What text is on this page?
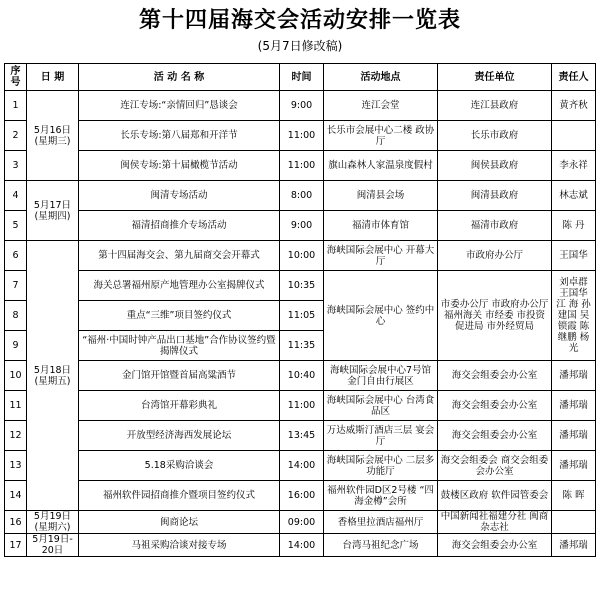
第十四届海交会活动安排一览表
(5月7日修改稿)
序号	日 期	活 动 名 称	时间	活动地点	责任单位	责任人
1	5月16日 (星期三)	连江专场:“亲情回归”恳谈会	9:00	连江会堂	连江县政府	黄齐秋
2		长乐专场:第八届郑和开洋节	11:00	长乐市会展中心二楼 政协厅	长乐市政府	
3		闽侯专场:第十届橄榄节活动	11:00	旗山森林人家温泉度假村	闽侯县政府	李永祥
4	5月17日 (星期四)	闽清专场活动	8:00	闽清县会场	闽清县政府	林志斌
5		福清招商推介专场活动	9:00	福清市体育馆	福清市政府	陈 丹
6	5月18日 (星期五)	第十四届海交会、第九届商交会开幕式	10:00	海峡国际会展中心 开幕大厅	市政府办公厅	王国华
7		海关总署福州原产地管理办公室揭牌仪式	10:35	海峡国际会展中心 签约中心	市委办公厅 市政府办公厅 福州海关 市经委 市投资促进局 市外经贸局	刘卓群 王国华 江 海 孙建国 吴锁霞 陈继鹏 杨 光
8		重点“三维”项目签约仪式	11:05			
9		“福州·中国时钟产品出口基地”合作协议签约暨揭牌仪式	11:35			
10		金门馆开馆暨首届高粱酒节	10:40	海峡国际会展中心7号馆 金门自由行展区	海交会组委会办公室	潘邦瑞
11		台湾馆开幕彩典礼	11:00	海峡国际会展中心 台湾食品区	海交会组委会办公室	潘邦瑞
12		开放型经济海西发展论坛	13:45	万达威斯汀酒店三层 宴会厅	海交会组委会办公室	潘邦瑞
13		5.18采购洽谈会	14:00	海峡国际会展中心 二层多功能厅	海交会组委会 商交会组委会办公室	潘邦瑞
14		福州软件园招商推介暨项目签约仪式	16:00	福州软件园D区2号楼 “四海金樽”会所	鼓楼区政府 软件园管委会	陈 晖
16	5月19日 (星期六)	闽商论坛	09:00	香格里拉酒店福州厅	中国新闻社福建分社 闽商杂志社	
17	5月19日- 20日	马祖采购洽谈对接专场	14:00	台湾马祖纪念广场	海交会组委会办公室	潘邦瑞
